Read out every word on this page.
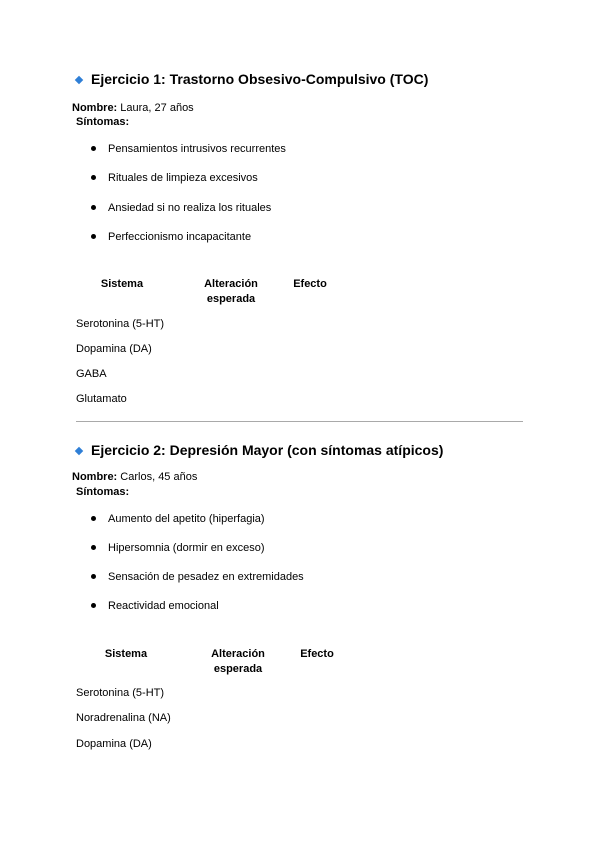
Ejercicio 1: Trastorno Obsesivo-Compulsivo (TOC)
Nombre: Laura, 27 años
Síntomas:
Pensamientos intrusivos recurrentes
Rituales de limpieza excesivos
Ansiedad si no realiza los rituales
Perfeccionismo incapacitante
Sistema	Alteración
esperada
Efecto
Serotonina (5-HT)
Dopamina (DA)
GABA
Glutamato
Ejercicio 2: Depresión Mayor (con síntomas atípicos)
Nombre: Carlos, 45 años
Síntomas:
Aumento del apetito (hiperfagia)
Hipersomnia (dormir en exceso)
Sensación de pesadez en extremidades
Reactividad emocional
Sistema	Alteración
esperada
Efecto
Serotonina (5-HT)
Noradrenalina (NA)
Dopamina (DA)
